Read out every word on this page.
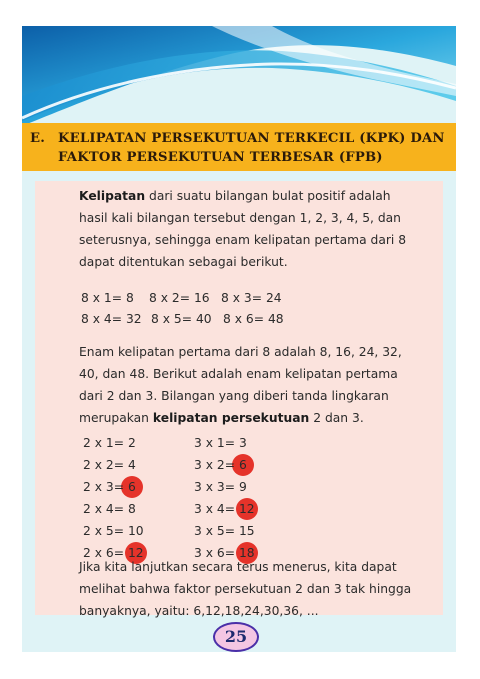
E. KELIPATAN PERSEKUTUAN TERKECIL (KPK) DAN
FAKTOR PERSEKUTUAN TERBESAR (FPB)
Kelipatan dari suatu bilangan bulat positif adalah
hasil kali bilangan tersebut dengan 1, 2, 3, 4, 5, dan
seterusnya, sehingga enam kelipatan pertama dari 8
dapat ditentukan sebagai berikut.
8 x 1= 8 8 x 2= 16 8 x 3= 24
8 x 4= 32 8 x 5= 40 8 x 6= 48
Enam kelipatan pertama dari 8 adalah 8, 16, 24, 32,
40, dan 48. Berikut adalah enam kelipatan pertama
dari 2 dan 3. Bilangan yang diberi tanda lingkaran
merupakan kelipatan persekutuan 2 dan 3.
2 x 1= 2
2 x 2= 4
2 x 3= 6
2 x 4= 8
2 x 5= 10
2 x 6= 12
3 x 1= 3
3 x 2= 6
3 x 3= 9
3 x 4= 12
3 x 5= 15
3 x 6= 18
Jika kita lanjutkan secara terus menerus, kita dapat
melihat bahwa faktor persekutuan 2 dan 3 tak hingga
banyaknya, yaitu: 6,12,18,24,30,36, ...
25
